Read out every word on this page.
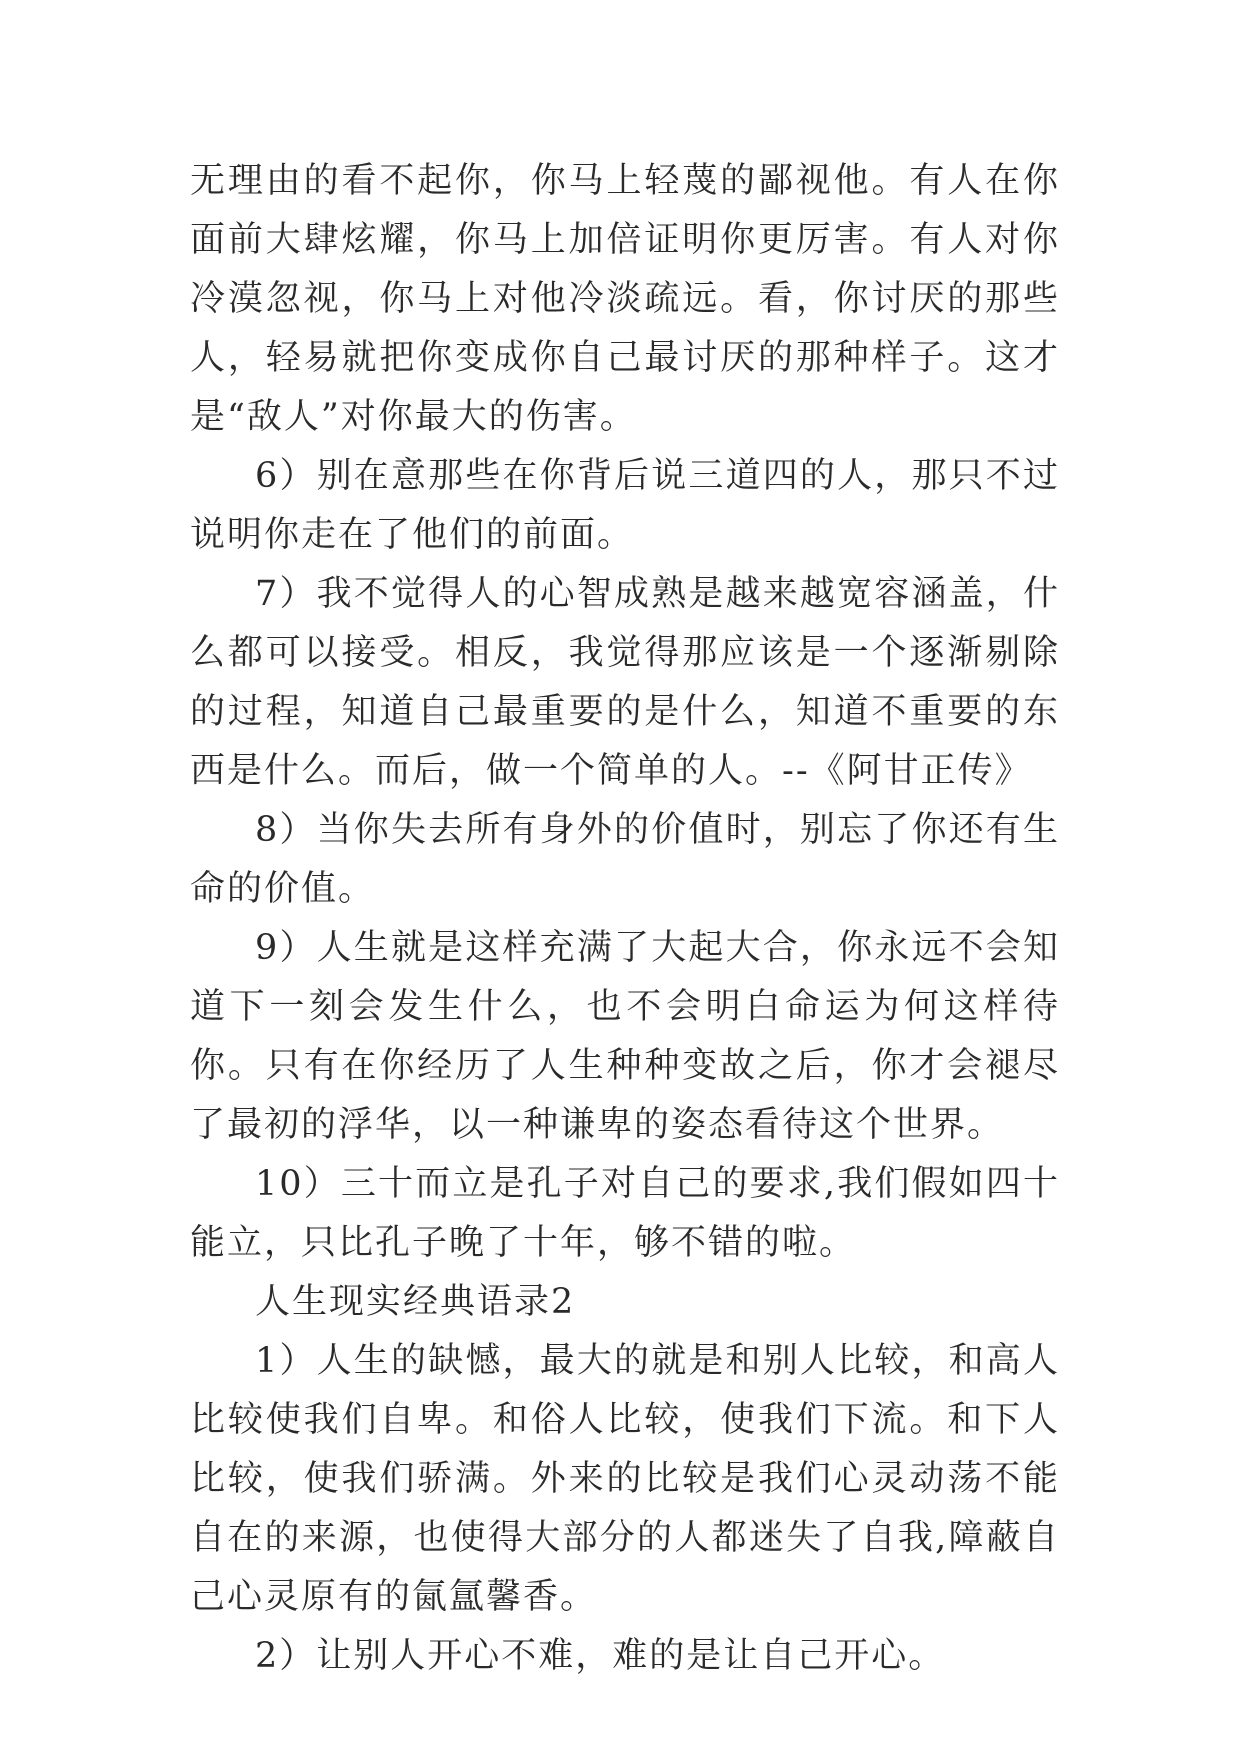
无理由的看不起你，你马上轻蔑的鄙视他。有人在你面前大肆炫耀，你马上加倍证明你更厉害。有人对你冷漠忽视，你马上对他冷淡疏远。看，你讨厌的那些人，轻易就把你变成你自己最讨厌的那种样子。这才是“敌人”对你最大的伤害。

6）别在意那些在你背后说三道四的人，那只不过说明你走在了他们的前面。

7）我不觉得人的心智成熟是越来越宽容涵盖，什么都可以接受。相反，我觉得那应该是一个逐渐剔除的过程，知道自己最重要的是什么，知道不重要的东西是什么。而后，做一个简单的人。--《阿甘正传》

8）当你失去所有身外的价值时，别忘了你还有生命的价值。

9）人生就是这样充满了大起大合，你永远不会知道下一刻会发生什么，也不会明白命运为何这样待你。只有在你经历了人生种种变故之后，你才会褪尽了最初的浮华，以一种谦卑的姿态看待这个世界。

10）三十而立是孔子对自己的要求,我们假如四十能立，只比孔子晚了十年，够不错的啦。

人生现实经典语录2

1）人生的缺憾，最大的就是和别人比较，和高人比较使我们自卑。和俗人比较，使我们下流。和下人比较，使我们骄满。外来的比较是我们心灵动荡不能自在的来源，也使得大部分的人都迷失了自我,障蔽自己心灵原有的氤氲馨香。

2）让别人开心不难，难的是让自己开心。
